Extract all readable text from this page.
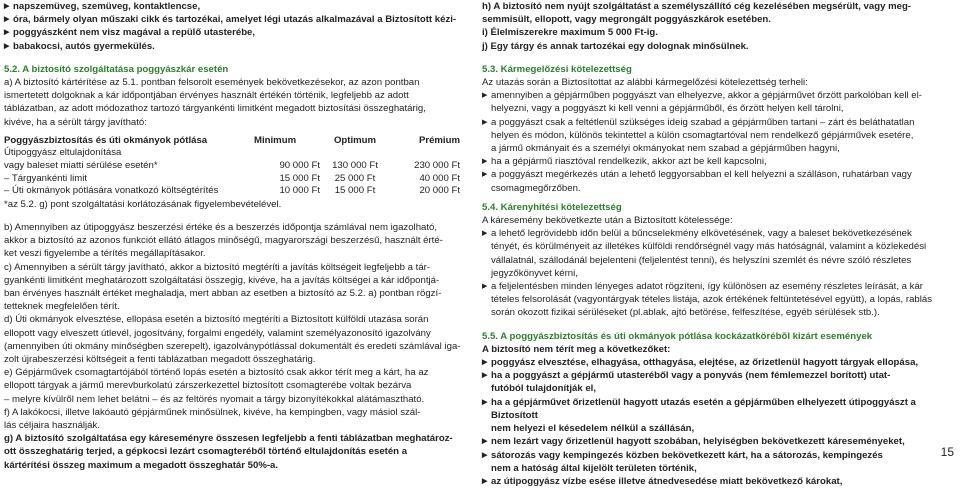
▶ napszemüveg, szemüveg, kontaktlencse,
▶ óra, bármely olyan műszaki cikk és tartozékai, amelyet légi utazás alkalmazával a Biztosított kézi-
▶ poggyászként nem visz magával a repülő utasterébe,
▶ babakocsi, autós gyermekülés.
5.2. A biztosító szolgáltatása poggyászkár esetén
a) A biztosító kártérítése az 5.1. pontban felsorolt események bekövetkezésekor, az azon pontban
ismertetett dolgoknak a kár időpontjában érvényes használt értékén történik, legfeljebb az adott
táblázatban, az adott módozathoz tartozó tárgyankénti limitként megadott biztosítási összeghatárig,
kivéve, ha a sérült tárgy javítható:
Poggyászbiztosítás és úti okmányok pótlása	Minimum	Optimum	Prémium
Útipoggyász eltulajdonítása			
vagy baleset miatti sérülése esetén*	90 000 Ft	130 000 Ft	230 000 Ft
– Tárgyankénti limit	15 000 Ft	25 000 Ft	40 000 Ft
– Úti okmányok pótlására vonatkozó költségtérítés	10 000 Ft	15 000 Ft	20 000 Ft
*az 5.2. g) pont szolgáltatási korlátozásának figyelembevételével.
b) Amennyiben az útipoggyász beszerzési értéke és a beszerzés időpontja számlával nem igazolható,
akkor a biztosító az azonos funkciót ellátó átlagos minőségű, magyarországi beszerzésű, használt érté-
ket veszi figyelembe a térítés megállapításakor.
c) Amennyiben a sérült tárgy javítható, akkor a biztosító megtéríti a javítás költségeit legfeljebb a tár-
gyankénti limitként meghatározott szolgáltatási összegig, kivéve, ha a javítás költségei a kár időpontjá-
ban érvényes használt értéket meghaladja, mert abban az esetben a biztosító az 5.2. a) pontban rögzí-
tetteknek megfelelően térít.
d) Úti okmányok elvesztése, ellopása esetén a biztosító megtéríti a Biztosított külföldi utazása során
ellopott vagy elveszett útlevél, jogosítvány, forgalmi engedély, valamint személyazonosító igazolvány
(amennyiben úti okmány minőségben szerepelt), igazolványpótlással dokumentált és eredeti számlával iga-
zolt újrabeszerzési költségeit a fenti táblázatban megadott összeghatárig.
e) Gépjárművek csomagtartójából történő lopás esetén a biztosító csak akkor térít meg a kárt, ha az
ellopott tárgyak a jármű merevburkolatú zárszerkezettel biztosított csomagterébe voltak bezárva
– melyre kívülről nem lehet belátni – és az feltörés nyomait a tárgy bizonyítékokkal alátámasztható.
f) A lakókocsi, illetve lakóautó gépjárműnek minősülnek, kivéve, ha kempingben, vagy másiol szál-
lás céljaira használják.
g) A biztosító szolgáltatása egy káreseményre összesen legfeljebb a fenti táblázatban meghatároz-
ott összeghatárig terjed, a gépkocsi lezárt csomagteréből történő eltulajdonítás esetén a
kártérítési összeg maximum a megadott összeghatár 50%-a.
h) A biztosító nem nyújt szolgáltatást a személyszállító cég kezelésében megsérült, vagy meg-
semmisült, ellopott, vagy megrongált poggyászkárok esetében.
i) Élelmiszerekre maximum 5 000 Ft-ig.
j) Egy tárgy és annak tartozékai egy dolognak minősülnek.
5.3. Kármegelőzési kötelezettség
Az utazás során a Biztosítottat az alábbi kármegelőzési kötelezettség terheli:
▶ amennyiben a gépjárműben poggyászt van elhelyezve, akkor a gépjárművet őrzött parkolóban kell el-
helyezni, vagy a poggyászt ki kell venni a gépjárműből, és őrzött helyen kell tárolni,
▶ a poggyászt csak a feltétlenül szükséges ideig szabad a gépjárműben tartani – zárt és beláthatatlan
helyen és módon, különös tekintettel a külön csomagtartóval nem rendelkező gépjárművek esetére,
a jármű okmányait és a személyi okmányokat nem szabad a gépjárműben hagyni,
▶ ha a gépjármű riasztóval rendelkezik, akkor azt be kell kapcsolni,
▶ a poggyászt megérkezés után a lehető leggyorsabban el kell helyezni a szálláson, ruhatárban vagy
csomagmegőrzőben.
5.4. Kárenyhítési kötelezettség
A káresemény bekövetkezte után a Biztosított kötelessége:
▶ a lehető legrövidebb időn belül a bűncselekmény elkövetésének, vagy a baleset bekövetkezésének
tényét, és körülményeit az illetékes külföldi rendőrségnél vagy más hatóságnál, valamint a közlekedési
vállalatnál, szállodánál bejelenteni (feljelentést tenni), és helyszíni szemlét és névre szóló részletes
jegyzőkönyvet kérni,
▶ a feljelentésben minden lényeges adatot rögzíteni, így különösen az esemény részletes leírását, a kár
tételes felsorolását (vagyontárgyak tételes listája, azok értékének feltüntetésével együtt), a lopás, rablás
során okozott fizikai sérüléseket (pl.ablak, ajtó betörése, felfeszítése, egyéb sérülések stb.).
5.5. A poggyászbiztosítás és úti okmányok pótlása kockázatkörébõl kizárt események
A biztosító nem térít meg a következőket:
▶ poggyász elvesztése, elhagyása, otthagyása, elejtése, az őrizetlenül hagyott tárgyak ellopása,
▶ ha a poggyászt a gépjármű utasteréből vagy a ponyvás (nem fémlemezzel borított) utat-
futóból tulajdonítják el,
▶ ha a gépjárművet őrizetlenül hagyott utazás esetén a gépjárműben elhelyezett útipoggyászt a Biztosított
nem helyezi el késedelem nélkül a szállásán,
▶ nem lezárt vagy őrizetlenül hagyott szobában, helyiségben bekövetkezett káreseményeket,
▶ sátorozás vagy kempingezés közben bekövetkezett kárt, ha a sátorozás, kempingezés
nem a hatóság által kijelölt területen történik,
▶ az útipoggyász vízbe esése illetve átnedvesedése miatt bekövetkező károkat,	15
